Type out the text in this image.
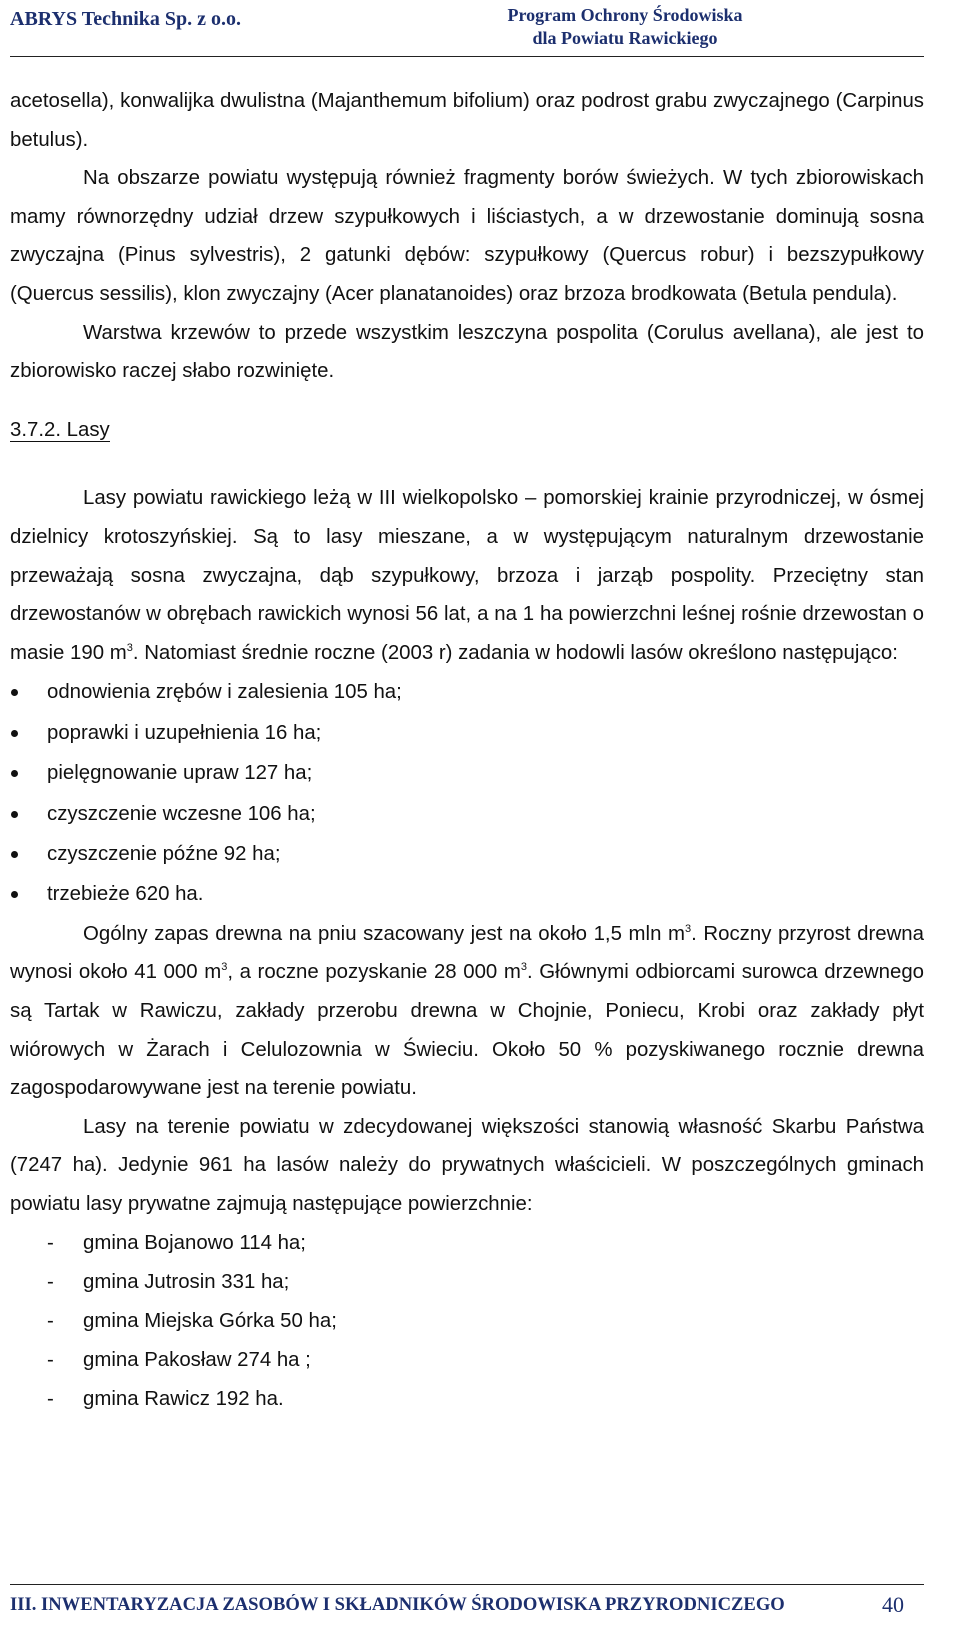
ABRYS Technika Sp. z o.o.	Program Ochrony Środowiska
dla Powiatu Rawickiego

acetosella), konwalijka dwulistna (Majanthemum bifolium) oraz podrost grabu zwyczajnego (Carpinus betulus).

Na obszarze powiatu występują również fragmenty borów świeżych. W tych zbiorowiskach mamy równorzędny udział drzew szypułkowych i liściastych, a w drzewostanie dominują sosna zwyczajna (Pinus sylvestris), 2 gatunki dębów: szypułkowy (Quercus robur) i bezszypułkowy (Quercus sessilis), klon zwyczajny (Acer planatanoides) oraz brzoza brodkowata (Betula pendula).

Warstwa krzewów to przede wszystkim leszczyna pospolita (Corulus avellana), ale jest to zbiorowisko raczej słabo rozwinięte.

3.7.2. Lasy

Lasy powiatu rawickiego leżą w III wielkopolsko – pomorskiej krainie przyrodniczej, w ósmej dzielnicy krotoszyńskiej. Są to lasy mieszane, a w występującym naturalnym drzewostanie przeważają sosna zwyczajna, dąb szypułkowy, brzoza i jarząb pospolity. Przeciętny stan drzewostanów w obrębach rawickich wynosi 56 lat, a na 1 ha powierzchni leśnej rośnie drzewostan o masie 190 $m^3$. Natomiast średnie roczne (2003 r) zadania w hodowli lasów określono następująco:

odnowienia zrębów i zalesienia 105 ha;
poprawki i uzupełnienia 16 ha;
pielęgnowanie upraw 127 ha;
czyszczenie wczesne 106 ha;
czyszczenie późne 92 ha;
trzebieże 620 ha.

Ogólny zapas drewna na pniu szacowany jest na około 1,5 mln $m^3$. Roczny przyrost drewna wynosi około 41 000 $m^3$, a roczne pozyskanie 28 000 $m^3$. Głównymi odbiorcami surowca drzewnego są Tartak w Rawiczu, zakłady przerobu drewna w Chojnie, Poniecu, Krobi oraz zakłady płyt wiórowych w Żarach i Celulozownia w Świeciu. Około 50 % pozyskiwanego rocznie drewna zagospodarowywane jest na terenie powiatu.

Lasy na terenie powiatu w zdecydowanej większości stanowią własność Skarbu Państwa (7247 ha). Jedynie 961 ha lasów należy do prywatnych właścicieli. W poszczególnych gminach powiatu lasy prywatne zajmują następujące powierzchnie:

- gmina Bojanowo 114 ha;
- gmina Jutrosin 331 ha;
- gmina Miejska Górka 50 ha;
- gmina Pakosław 274 ha ;
- gmina Rawicz 192 ha.
III. INWENTARYZACJA ZASOBÓW I SKŁADNIKÓW ŚRODOWISKA PRZYRODNICZEGO	40
